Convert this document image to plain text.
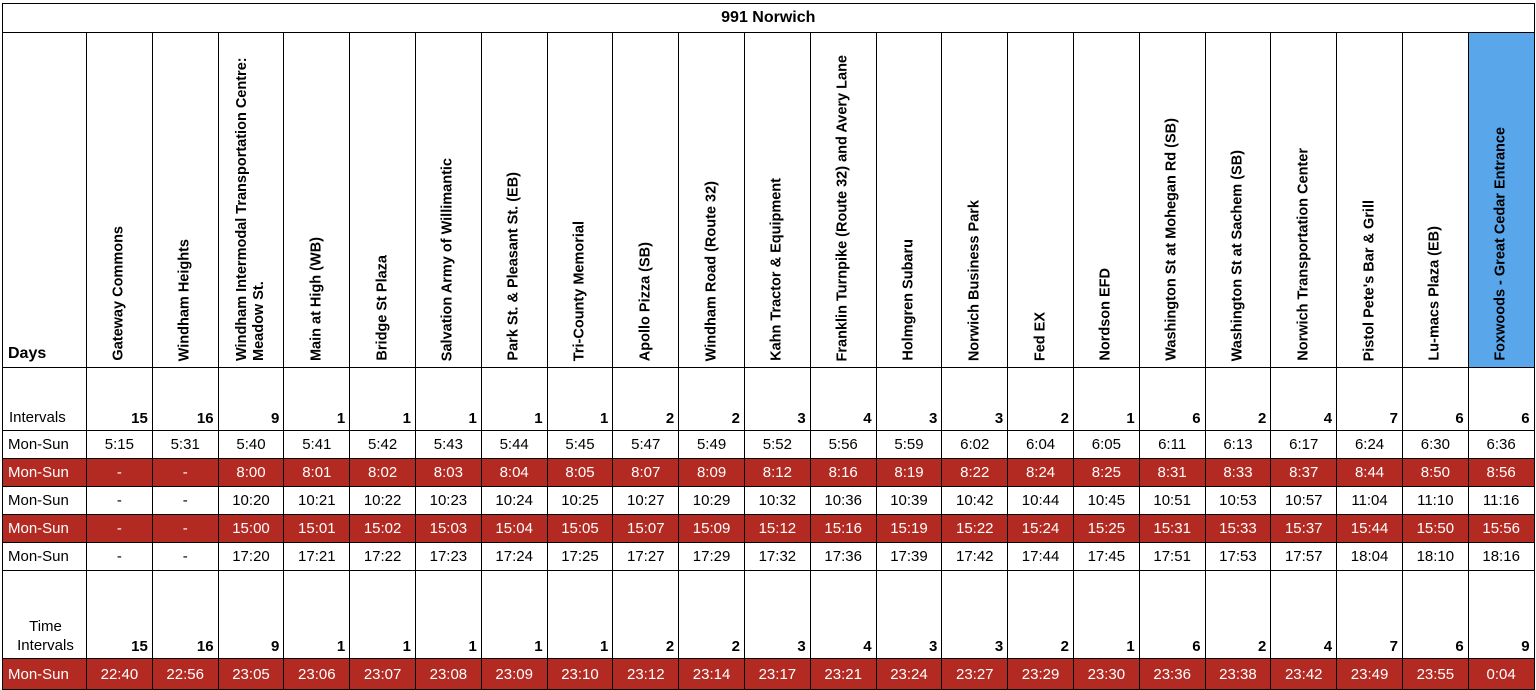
991 Norwich																						
Days	Gateway Commons	Windham Heights	Windham Intermodal Transportation Centre: Meadow St.	Main at High (WB)	Bridge St Plaza	Salvation Army of Willimantic	Park St. & Pleasant St. (EB)	Tri-County Memorial	Apollo Pizza (SB)	Windham Road (Route 32)	Kahn Tractor & Equipment	Franklin Turnpike (Route 32) and Avery Lane	Holmgren Subaru	Norwich Business Park	Fed EX	Nordson EFD	Washington St at Mohegan Rd (SB)	Washington St at Sachem (SB)	Norwich Transportation Center	Pistol Pete's Bar & Grill	Lu-macs Plaza (EB)	Foxwoods - Great Cedar Entrance

Intervals	15	16	9	1	1	1	1	1	2	2	3	4	3	3	2	1	6	2	4	7	6	6
Mon-Sun	5:15	5:31	5:40	5:41	5:42	5:43	5:44	5:45	5:47	5:49	5:52	5:56	5:59	6:02	6:04	6:05	6:11	6:13	6:17	6:24	6:30	6:36
Mon-Sun	-	-	8:00	8:01	8:02	8:03	8:04	8:05	8:07	8:09	8:12	8:16	8:19	8:22	8:24	8:25	8:31	8:33	8:37	8:44	8:50	8:56
Mon-Sun	-	-	10:20	10:21	10:22	10:23	10:24	10:25	10:27	10:29	10:32	10:36	10:39	10:42	10:44	10:45	10:51	10:53	10:57	11:04	11:10	11:16
Mon-Sun	-	-	15:00	15:01	15:02	15:03	15:04	15:05	15:07	15:09	15:12	15:16	15:19	15:22	15:24	15:25	15:31	15:33	15:37	15:44	15:50	15:56
Mon-Sun	-	-	17:20	17:21	17:22	17:23	17:24	17:25	17:27	17:29	17:32	17:36	17:39	17:42	17:44	17:45	17:51	17:53	17:57	18:04	18:10	18:16
Time Intervals	15	16	9	1	1	1	1	1	2	2	3	4	3	3	2	1	6	2	4	7	6	9
Mon-Sun	22:40	22:56	23:05	23:06	23:07	23:08	23:09	23:10	23:12	23:14	23:17	23:21	23:24	23:27	23:29	23:30	23:36	23:38	23:42	23:49	23:55	0:04
